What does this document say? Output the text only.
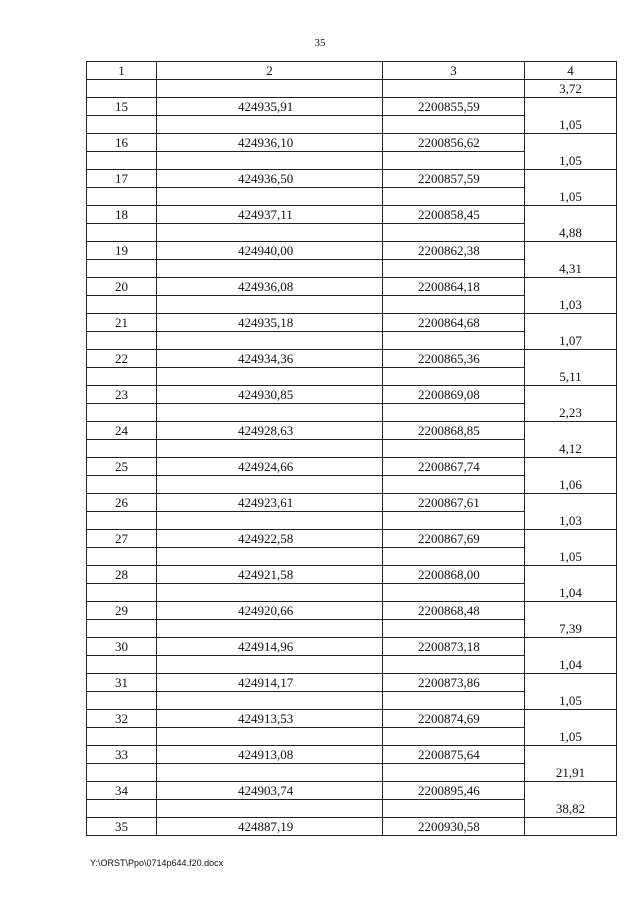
35
1	2	3	4
			3,72
15	424935,91	2200855,59	
			1,05
16	424936,10	2200856,62	
			1,05
17	424936,50	2200857,59	
			1,05
18	424937,11	2200858,45	
			4,88
19	424940,00	2200862,38	
			4,31
20	424936,08	2200864,18	
			1,03
21	424935,18	2200864,68	
			1,07
22	424934,36	2200865,36	
			5,11
23	424930,85	2200869,08	
			2,23
24	424928,63	2200868,85	
			4,12
25	424924,66	2200867,74	
			1,06
26	424923,61	2200867,61	
			1,03
27	424922,58	2200867,69	
			1,05
28	424921,58	2200868,00	
			1,04
29	424920,66	2200868,48	
			7,39
30	424914,96	2200873,18	
			1,04
31	424914,17	2200873,86	
			1,05
32	424913,53	2200874,69	
			1,05
33	424913,08	2200875,64	
			21,91
34	424903,74	2200895,46	
			38,82
35	424887,19	2200930,58	
Y:\ORST\Ppo\0714p644.f20.docx
